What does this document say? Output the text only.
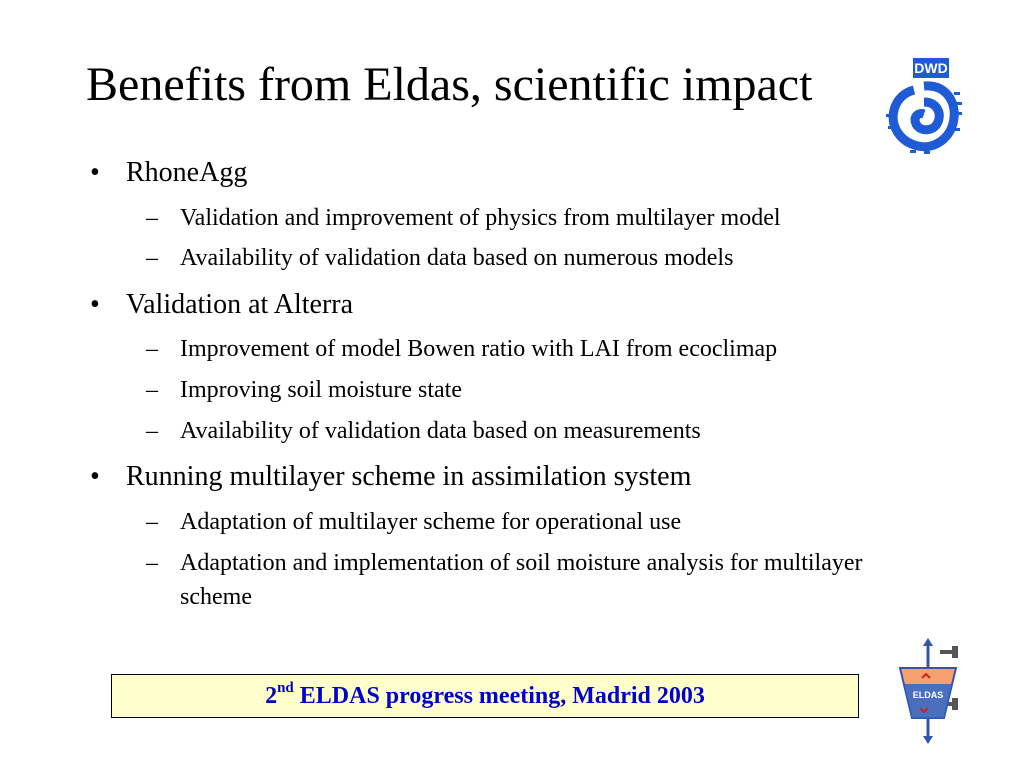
Benefits from Eldas, scientific impact	DWD
• RhoneAgg
– Validation and improvement of physics from multilayer model
– Availability of validation data based on numerous models
• Validation at Alterra
– Improvement of model Bowen ratio with LAI from ecoclimap
– Improving soil moisture state
– Availability of validation data based on measurements
• Running multilayer scheme in assimilation system
– Adaptation of multilayer scheme for operational use
– Adaptation and implementation of soil moisture analysis for multilayer scheme
2nd ELDAS progress meeting, Madrid 2003	ELDAS
